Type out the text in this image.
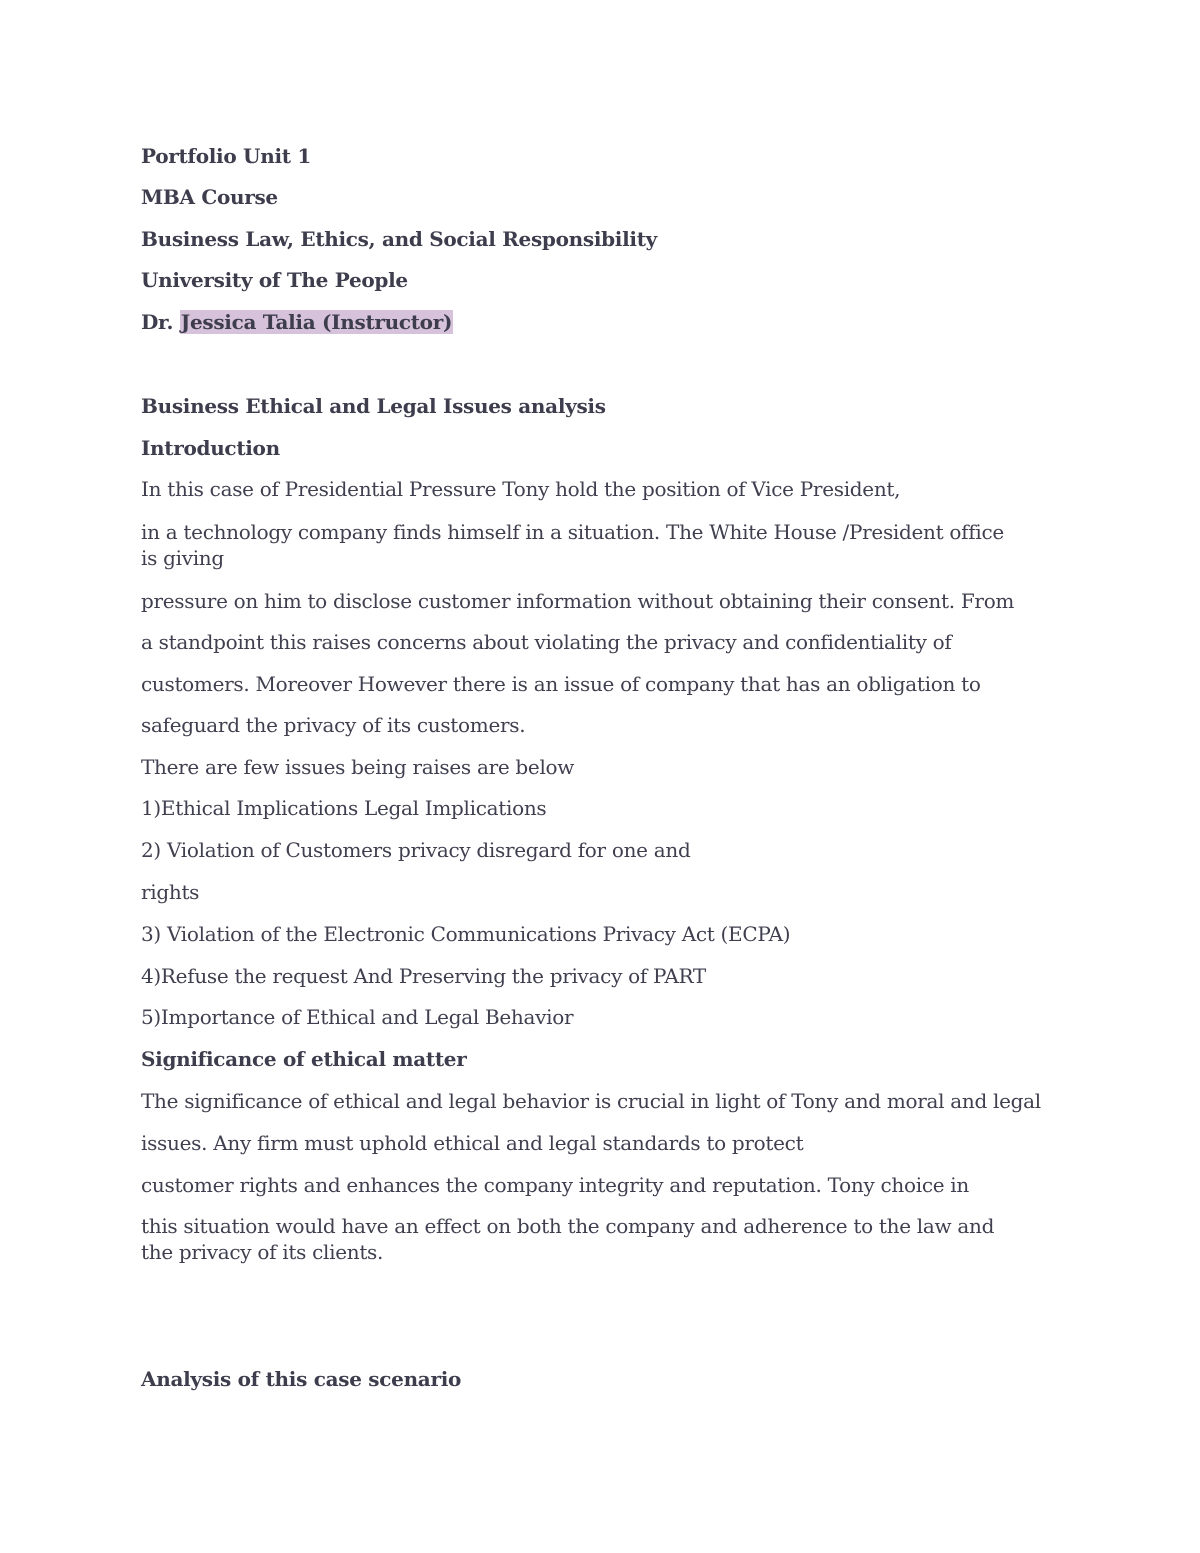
Portfolio Unit 1
MBA Course
Business Law, Ethics, and Social Responsibility
University of The People
Dr. Jessica Talia (Instructor)
Business Ethical and Legal Issues analysis
Introduction
In this case of Presidential Pressure Tony hold the position of Vice President,
in a technology company finds himself in a situation. The White House /President office is giving
pressure on him to disclose customer information without obtaining their consent. From
a standpoint this raises concerns about violating the privacy and confidentiality of
customers. Moreover However there is an issue of company that has an obligation to
safeguard the privacy of its customers.
There are few issues being raises are below
1)Ethical Implications Legal Implications
2) Violation of Customers privacy disregard for one and
rights
3) Violation of the Electronic Communications Privacy Act (ECPA)
4)Refuse the request And Preserving the privacy of PART
5)Importance of Ethical and Legal Behavior
Significance of ethical matter
The significance of ethical and legal behavior is crucial in light of Tony and moral and legal
issues. Any firm must uphold ethical and legal standards to protect
customer rights and enhances the company integrity and reputation. Tony choice in
this situation would have an effect on both the company and adherence to the law and the privacy of its clients.
Analysis of this case scenario
